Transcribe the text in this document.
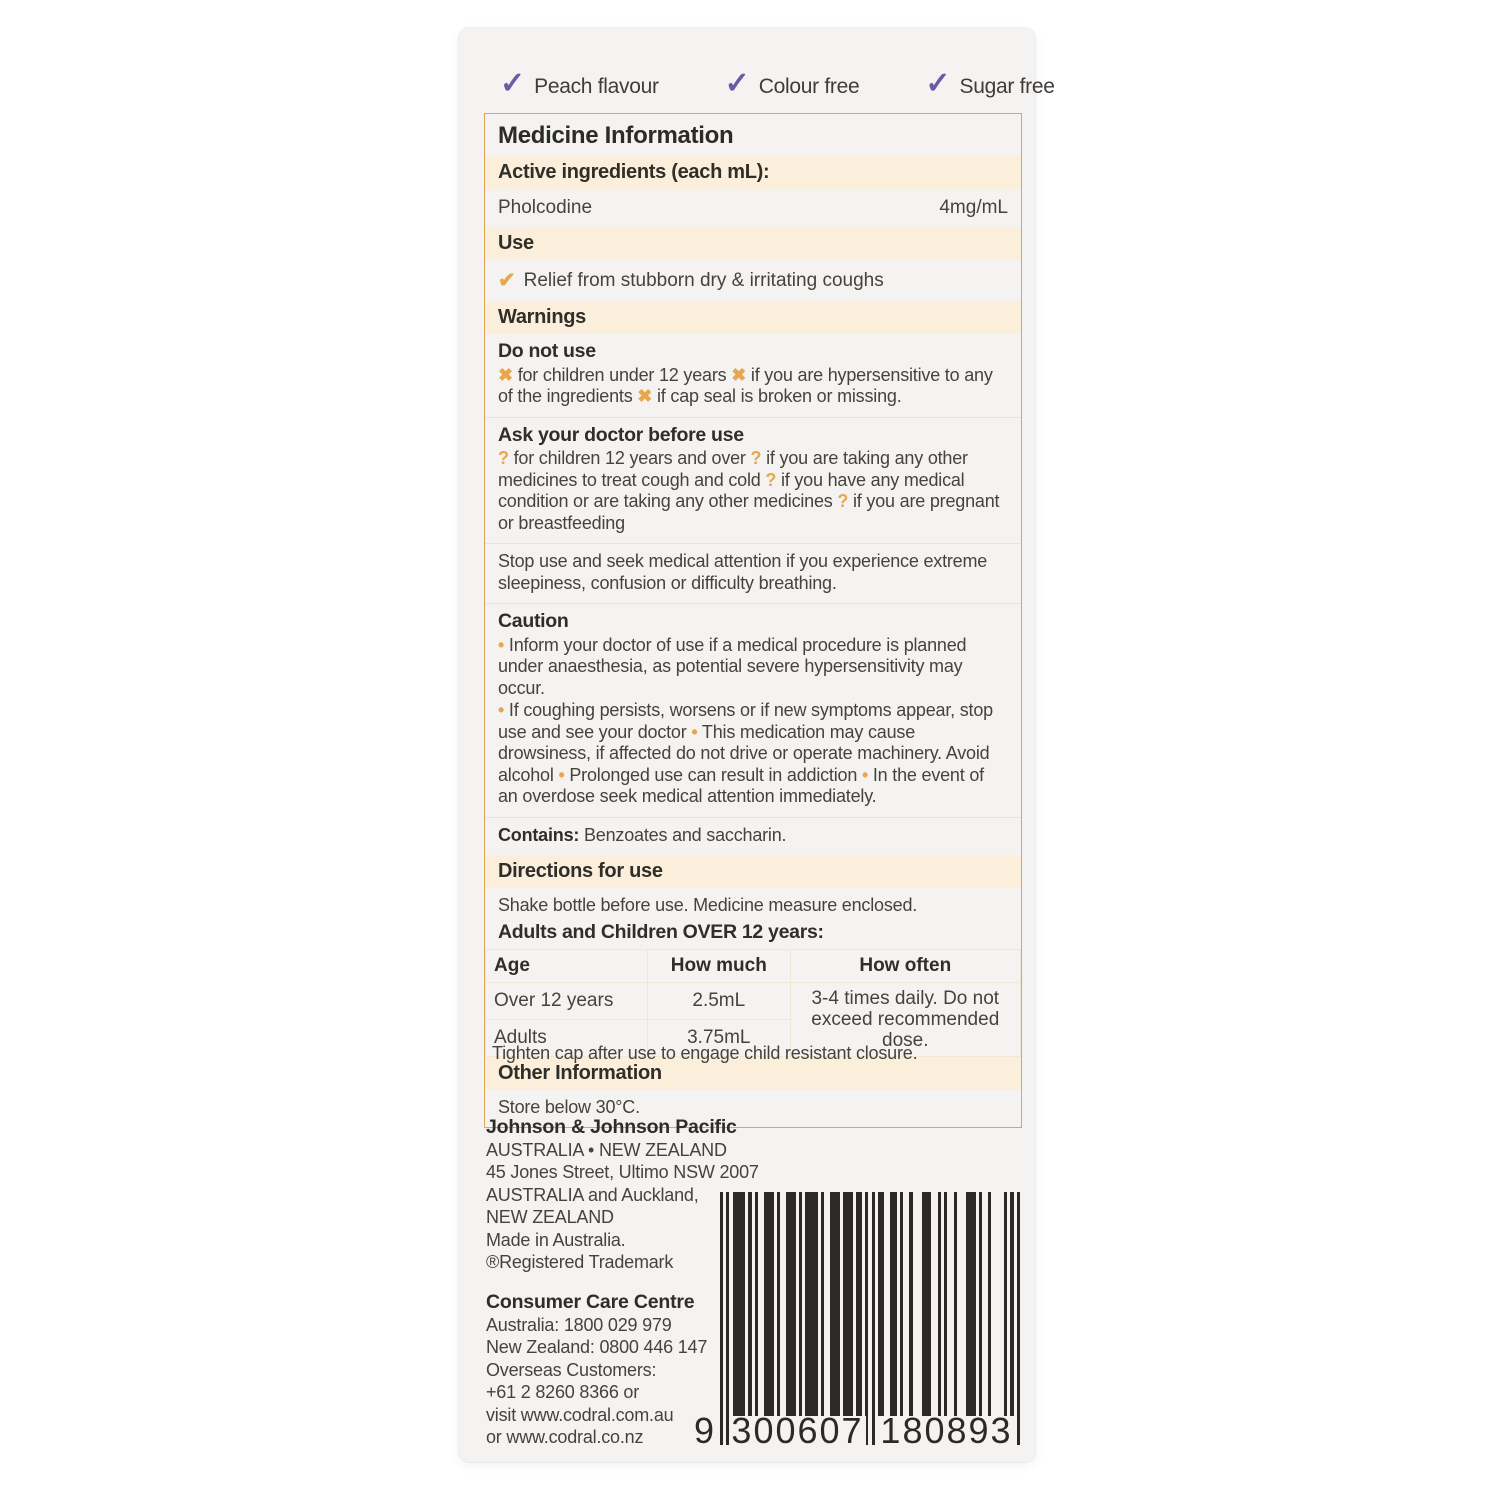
✓ Peach flavour ✓ Colour free ✓ Sugar free
Medicine Information
Active ingredients (each mL):
Pholcodine	4mg/mL
Use
✔ Relief from stubborn dry & irritating coughs
Warnings
Do not use

✖ for children under 12 years ✖ if you are hypersensitive to any of the ingredients ✖ if cap seal is broken or missing.

Ask your doctor before use

? for children 12 years and over ? if you are taking any other medicines to treat cough and cold ? if you have any medical condition or are taking any other medicines ? if you are pregnant or breastfeeding

Stop use and seek medical attention if you experience extreme sleepiness, confusion or difficulty breathing.

Caution

• Inform your doctor of use if a medical procedure is planned under anaesthesia, as potential severe hypersensitivity may occur.

• If coughing persists, worsens or if new symptoms appear, stop use and see your doctor • This medication may cause drowsiness, if affected do not drive or operate machinery. Avoid alcohol • Prolonged use can result in addiction • In the event of an overdose seek medical attention immediately.

Contains: Benzoates and saccharin.

Directions for use

Shake bottle before use. Medicine measure enclosed.

Adults and Children OVER 12 years:
Age	How much	How often
Over 12 years	2.5mL	3-4 times daily. Do not exceed recommended dose.
Adults	3.75mL	
Other Information

Store below 30°C.

Tighten cap after use to engage child resistant closure.

Johnson & Johnson Pacific
AUSTRALIA • NEW ZEALAND
45 Jones Street, Ultimo NSW 2007
AUSTRALIA and Auckland,
NEW ZEALAND
Made in Australia.
®Registered Trademark
Consumer Care Centre
Australia: 1800 029 979
New Zealand: 0800 446 147
Overseas Customers:
+61 2 8260 8366 or
visit www.codral.com.au
or www.codral.co.nz	9 300607 180893
